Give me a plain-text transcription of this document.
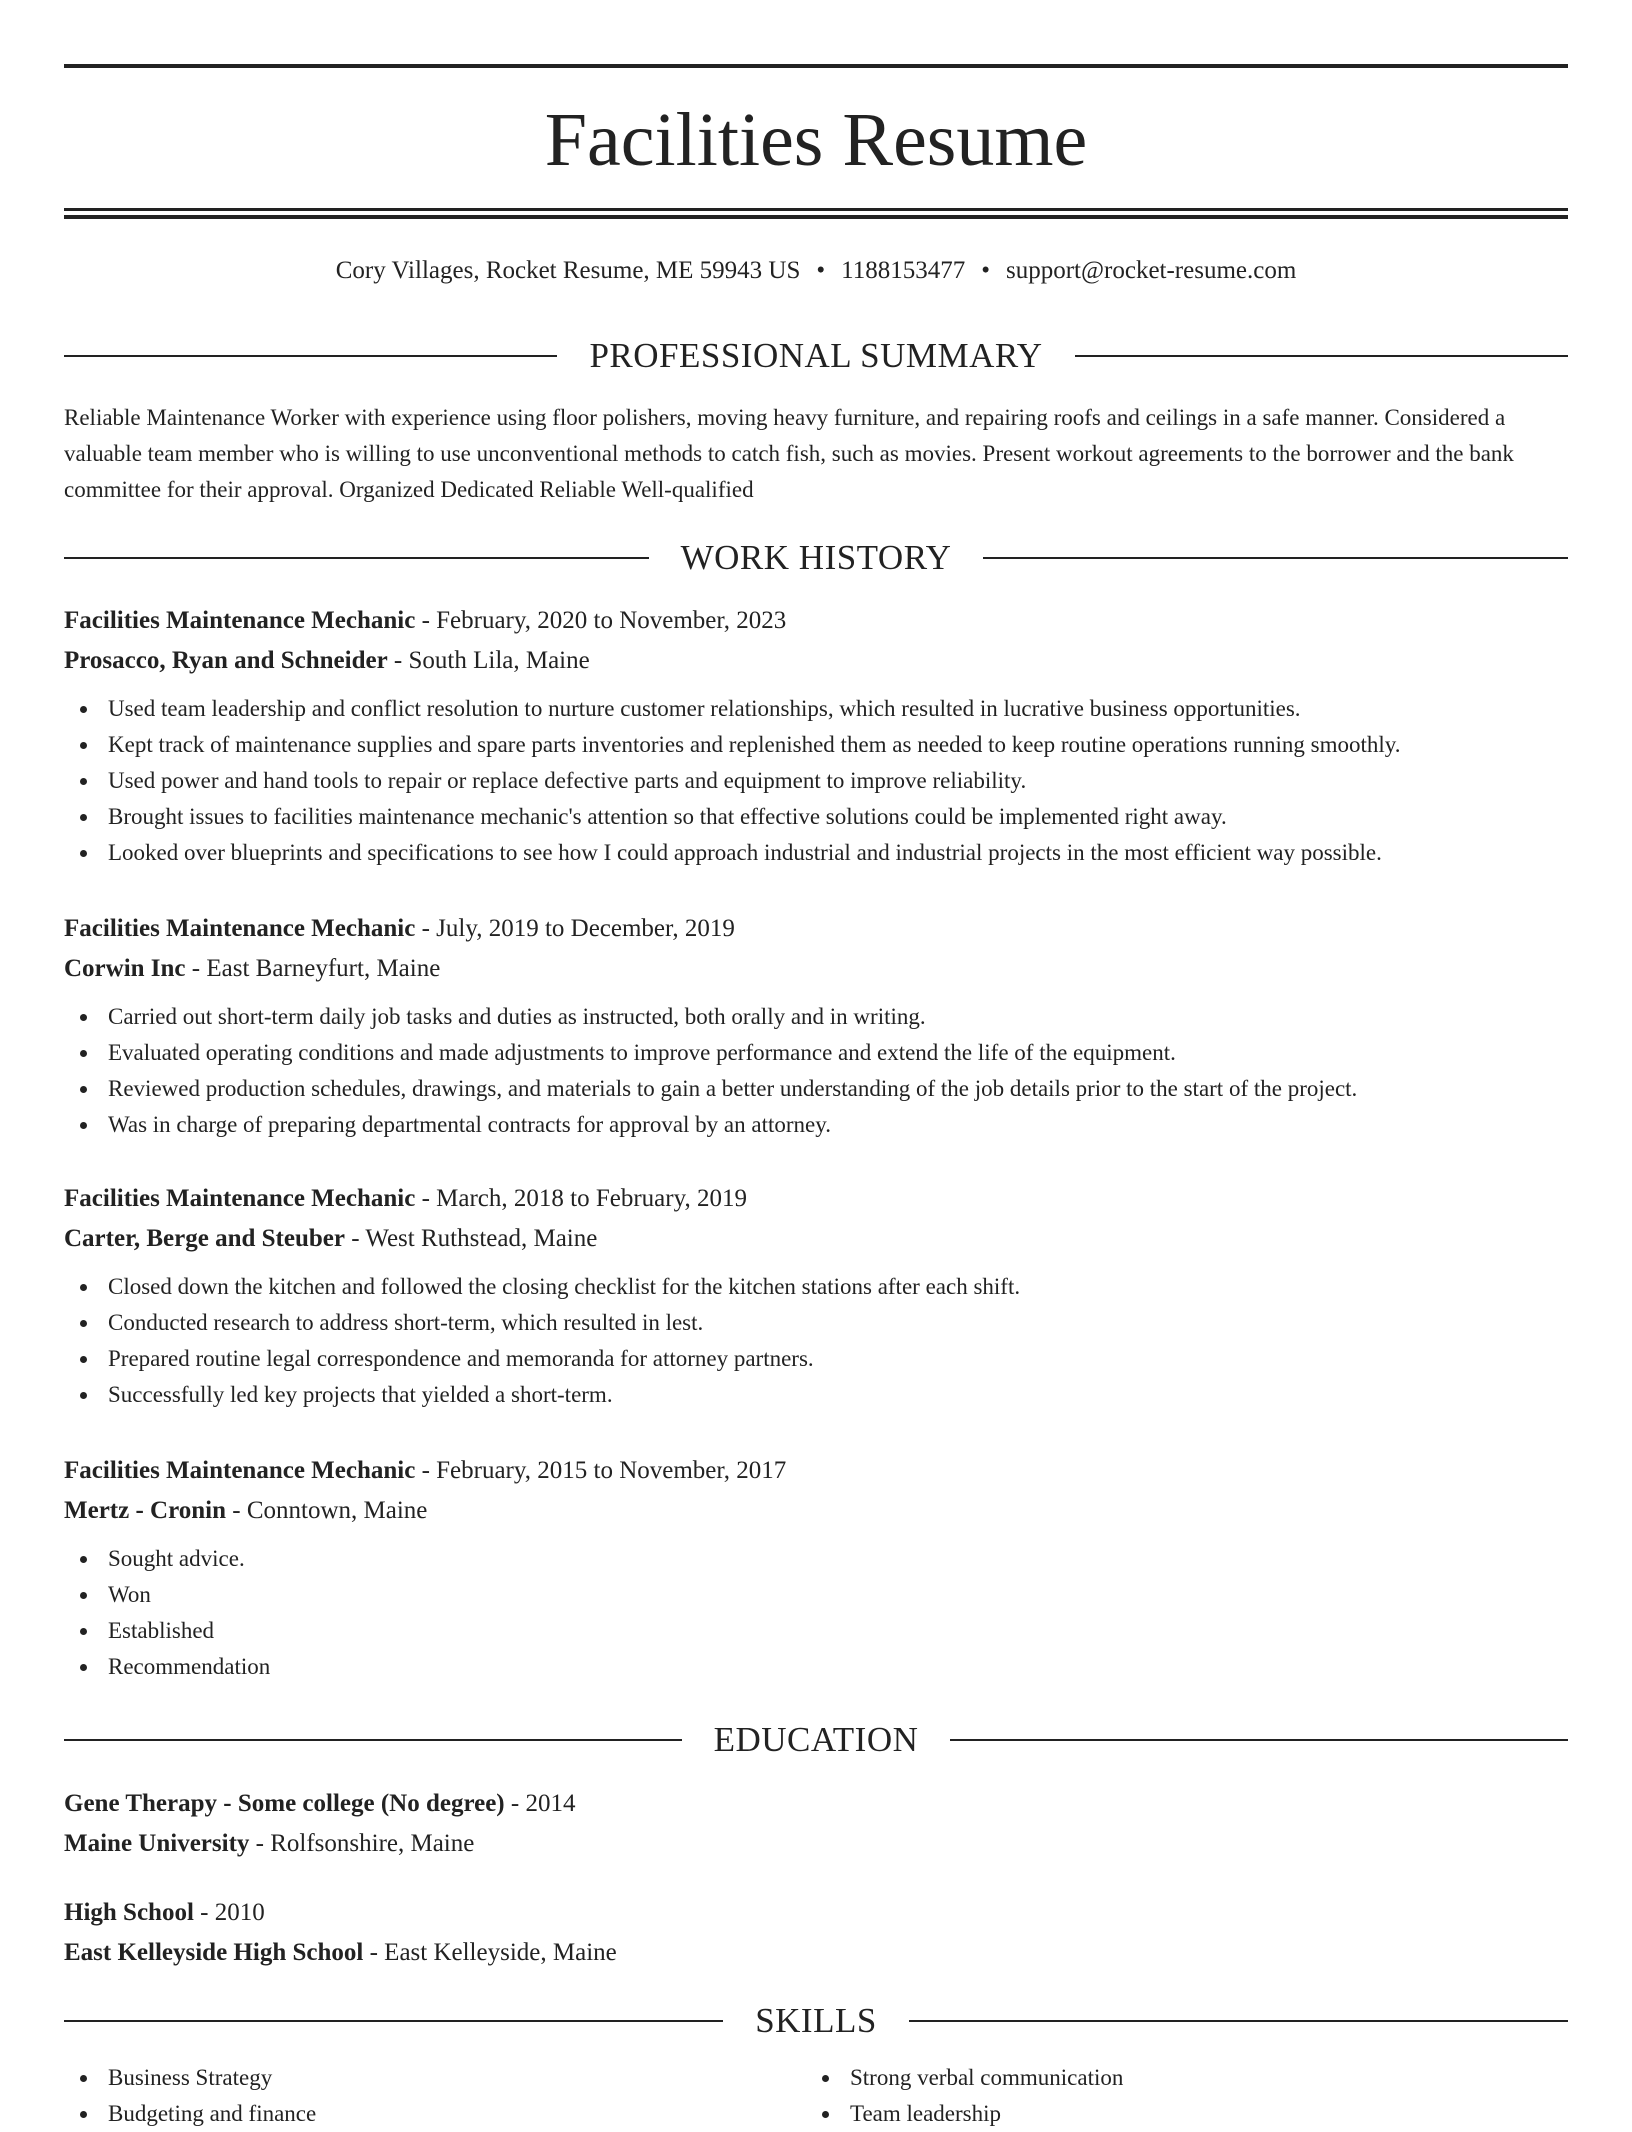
Facilities Resume
Cory Villages, Rocket Resume, ME 59943 US • 1188153477 • support@rocket-resume.com
PROFESSIONAL SUMMARY
Reliable Maintenance Worker with experience using floor polishers, moving heavy furniture, and repairing roofs and ceilings in a safe manner. Considered a valuable team member who is willing to use unconventional methods to catch fish, such as movies. Present workout agreements to the borrower and the bank committee for their approval. Organized Dedicated Reliable Well-qualified
WORK HISTORY
Facilities Maintenance Mechanic - February, 2020 to November, 2023
Prosacco, Ryan and Schneider - South Lila, Maine
Used team leadership and conflict resolution to nurture customer relationships, which resulted in lucrative business opportunities.
Kept track of maintenance supplies and spare parts inventories and replenished them as needed to keep routine operations running smoothly.
Used power and hand tools to repair or replace defective parts and equipment to improve reliability.
Brought issues to facilities maintenance mechanic's attention so that effective solutions could be implemented right away.
Looked over blueprints and specifications to see how I could approach industrial and industrial projects in the most efficient way possible.
Facilities Maintenance Mechanic - July, 2019 to December, 2019
Corwin Inc - East Barneyfurt, Maine
Carried out short-term daily job tasks and duties as instructed, both orally and in writing.
Evaluated operating conditions and made adjustments to improve performance and extend the life of the equipment.
Reviewed production schedules, drawings, and materials to gain a better understanding of the job details prior to the start of the project.
Was in charge of preparing departmental contracts for approval by an attorney.
Facilities Maintenance Mechanic - March, 2018 to February, 2019
Carter, Berge and Steuber - West Ruthstead, Maine
Closed down the kitchen and followed the closing checklist for the kitchen stations after each shift.
Conducted research to address short-term, which resulted in lest.
Prepared routine legal correspondence and memoranda for attorney partners.
Successfully led key projects that yielded a short-term.
Facilities Maintenance Mechanic - February, 2015 to November, 2017
Mertz - Cronin - Conntown, Maine
Sought advice.
Won
Established
Recommendation
EDUCATION
Gene Therapy - Some college (No degree) - 2014
Maine University - Rolfsonshire, Maine
High School - 2010
East Kelleyside High School - East Kelleyside, Maine
SKILLS
Business Strategy
Budgeting and finance
Strong verbal communication
Team leadership
